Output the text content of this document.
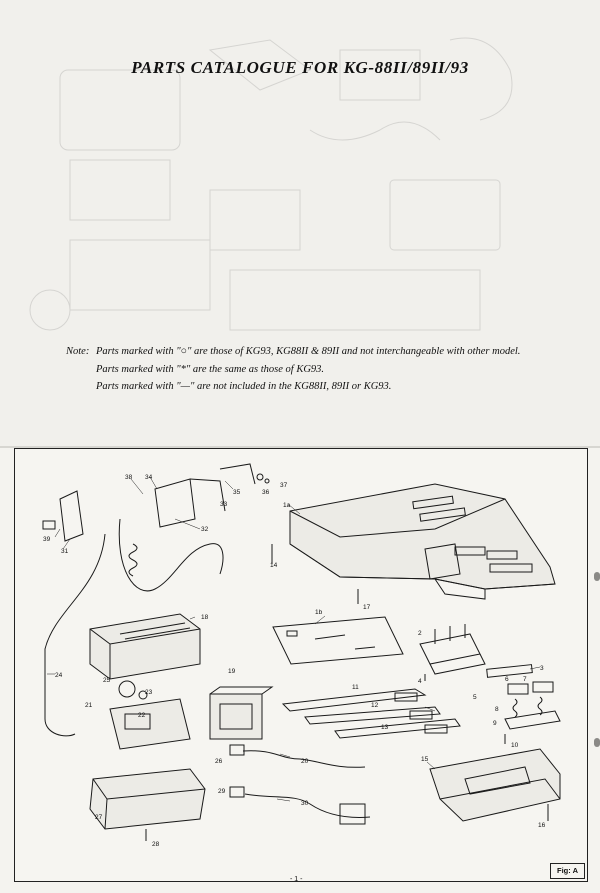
PARTS CATALOGUE FOR KG-88II/89II/93
Note: Parts marked with "○" are those of KG93, KG88II & 89II and not interchangeable with other model.
Parts marked with "*" are the same as those of KG93.
Parts marked with "—" are not included in the KG88II, 89II or KG93.
38 34
35	36
37
33
32
39
31
14
1a
17
18
24
1b
2
4
3
5
6 7
8
9
10
11
12
13
19
25
23
21
22
26	20
29
30
15
16
27
28
- 1 -
Fig: A
